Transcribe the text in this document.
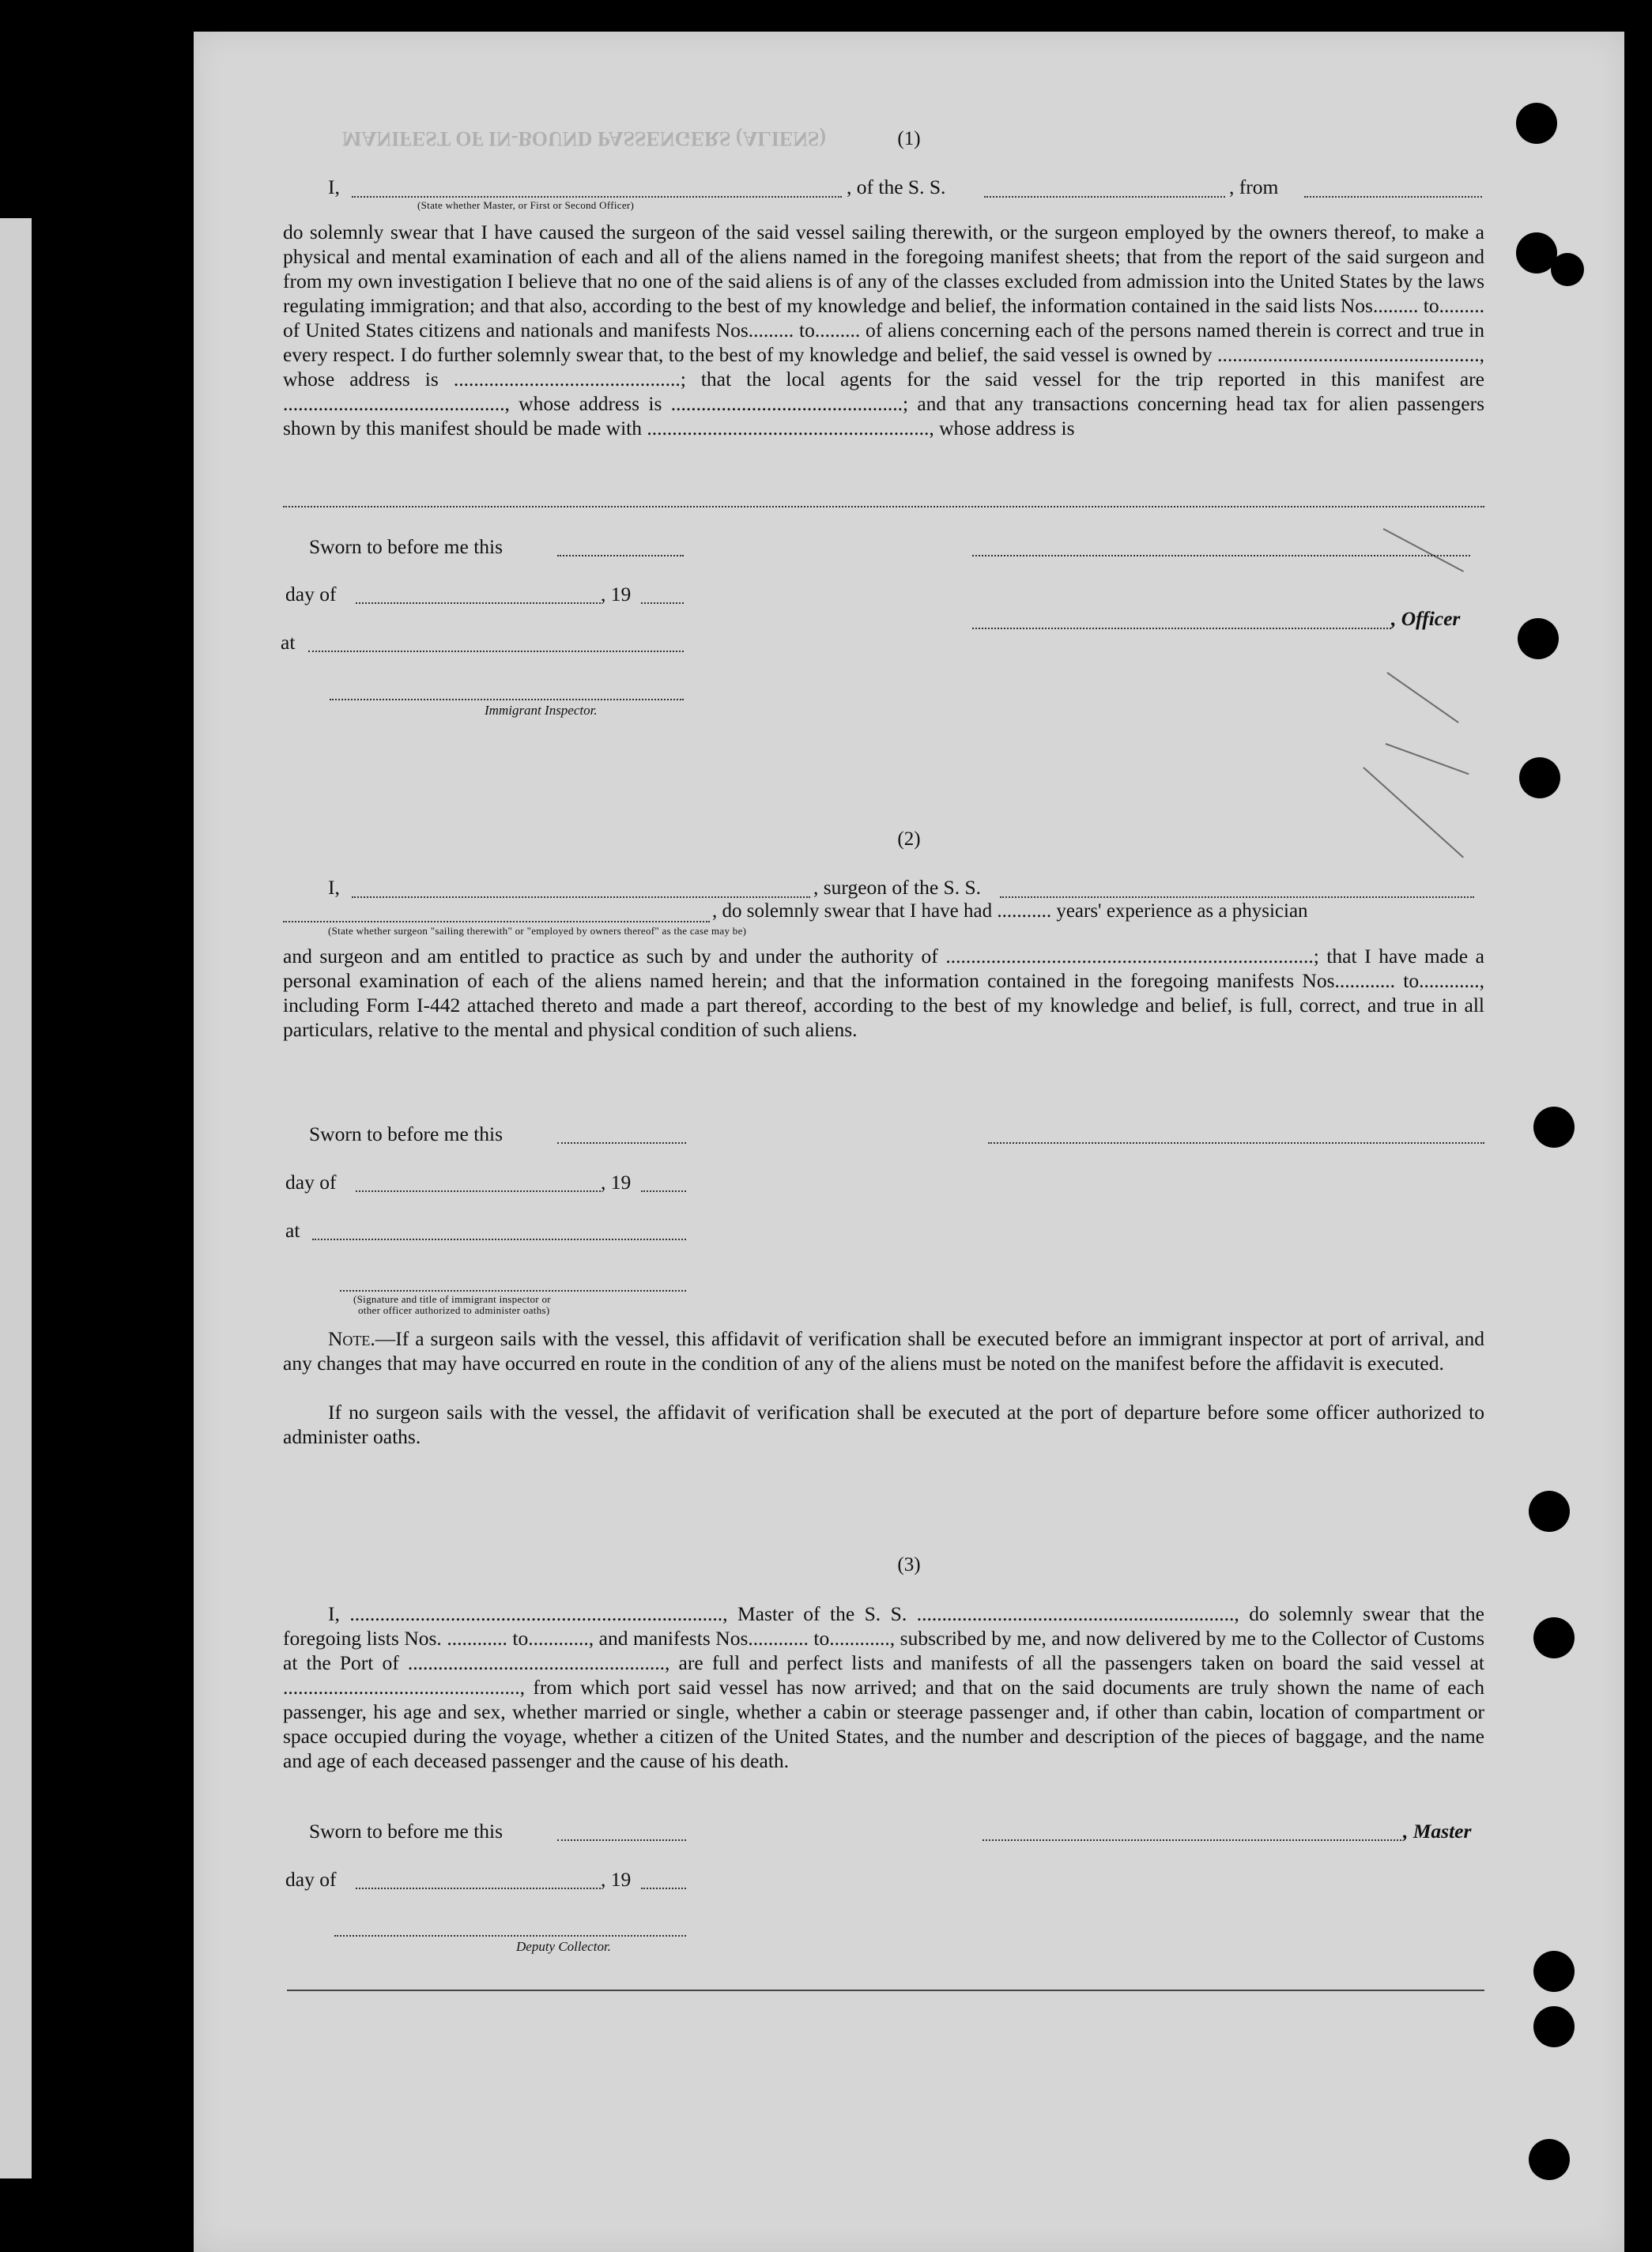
MANIFEST OF IN-BOUND PASSENGERS (ALIENS)	(1)
I,	, of the S. S.	, from
(State whether Master, or First or Second Officer)
do solemnly swear that I have caused the surgeon of the said vessel sailing therewith, or the surgeon employed by the owners thereof, to make a physical and mental examination of each and all of the aliens named in the foregoing manifest sheets; that from the report of the said surgeon and from my own investigation I believe that no one of the said aliens is of any of the classes excluded from admission into the United States by the laws regulating immigration; and that also, according to the best of my knowledge and belief, the information contained in the said lists Nos......... to......... of United States citizens and nationals and manifests Nos......... to......... of aliens concerning each of the persons named therein is correct and true in every respect. I do further solemnly swear that, to the best of my knowledge and belief, the said vessel is owned by ...................................................., whose address is .............................................; that the local agents for the said vessel for the trip reported in this manifest are ............................................, whose address is ..............................................; and that any transactions concerning head tax for alien passengers shown by this manifest should be made with ........................................................, whose address is
Sworn to before me this
day of	, 19
, Officer
at
Immigrant Inspector.
(2)
I,	, surgeon of the S. S.
, do solemnly swear that I have had ........... years' experience as a physician
(State whether surgeon "sailing therewith" or "employed by owners thereof" as the case may be)
and surgeon and am entitled to practice as such by and under the authority of .........................................................................; that I have made a personal examination of each of the aliens named herein; and that the information contained in the foregoing manifests Nos............ to............, including Form I-442 attached thereto and made a part thereof, according to the best of my knowledge and belief, is full, correct, and true in all particulars, relative to the mental and physical condition of such aliens.
Sworn to before me this
day of	, 19
at
(Signature and title of immigrant inspector or
other officer authorized to administer oaths)
Note.—If a surgeon sails with the vessel, this affidavit of verification shall be executed before an immigrant inspector at port of arrival, and any changes that may have occurred en route in the condition of any of the aliens must be noted on the manifest before the affidavit is executed.
If no surgeon sails with the vessel, the affidavit of verification shall be executed at the port of departure before some officer authorized to administer oaths.
(3)
I, .........................................................................., Master of the S. S. ..............................................................., do solemnly swear that the foregoing lists Nos. ............ to............, and manifests Nos............ to............, subscribed by me, and now delivered by me to the Collector of Customs at the Port of ..................................................., are full and perfect lists and manifests of all the passengers taken on board the said vessel at ..............................................., from which port said vessel has now arrived; and that on the said documents are truly shown the name of each passenger, his age and sex, whether married or single, whether a cabin or steerage passenger and, if other than cabin, location of compartment or space occupied during the voyage, whether a citizen of the United States, and the number and description of the pieces of baggage, and the name and age of each deceased passenger and the cause of his death.
Sworn to before me this	, Master
day of	, 19
Deputy Collector.
